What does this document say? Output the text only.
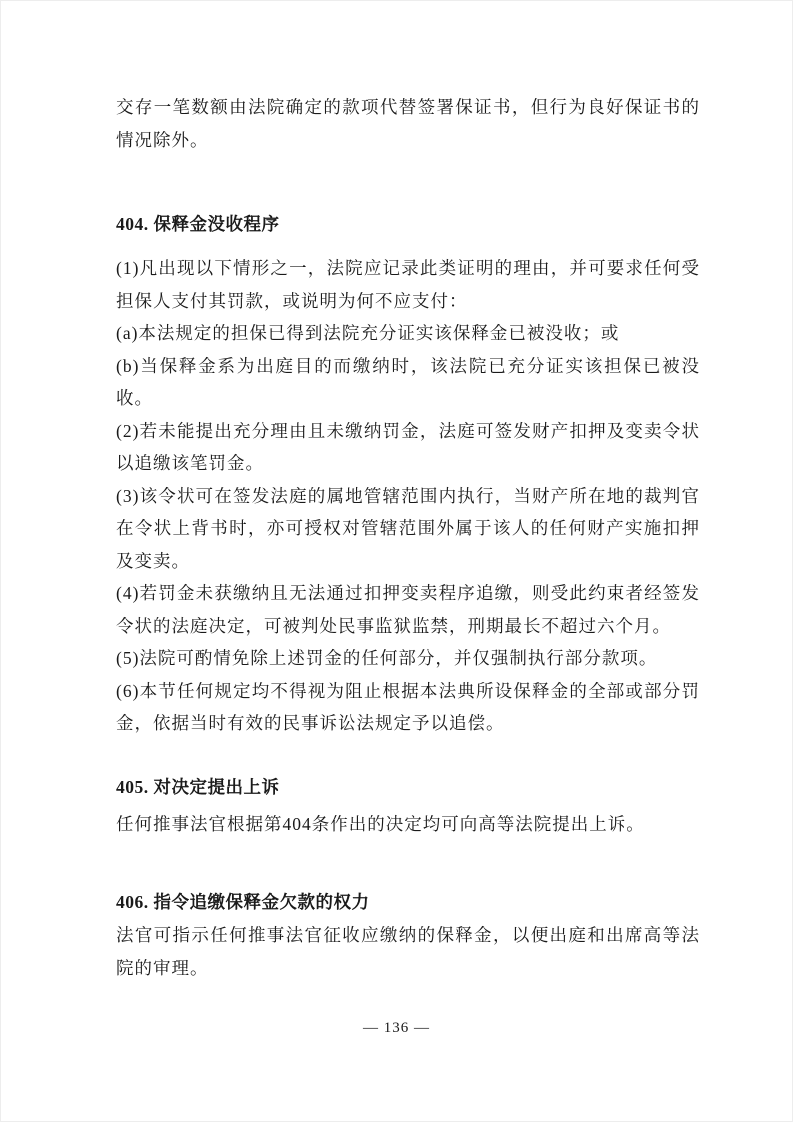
交存一笔数额由法院确定的款项代替签署保证书，但行为良好保证书的情况除外。

404. 保释金没收程序

(1)凡出现以下情形之一，法院应记录此类证明的理由，并可要求任何受担保人支付其罚款，或说明为何不应支付：

(a)本法规定的担保已得到法院充分证实该保释金已被没收；或

(b)当保释金系为出庭目的而缴纳时，该法院已充分证实该担保已被没收。

(2)若未能提出充分理由且未缴纳罚金，法庭可签发财产扣押及变卖令状以追缴该笔罚金。

(3)该令状可在签发法庭的属地管辖范围内执行，当财产所在地的裁判官在令状上背书时，亦可授权对管辖范围外属于该人的任何财产实施扣押及变卖。

(4)若罚金未获缴纳且无法通过扣押变卖程序追缴，则受此约束者经签发令状的法庭决定，可被判处民事监狱监禁，刑期最长不超过六个月。

(5)法院可酌情免除上述罚金的任何部分，并仅强制执行部分款项。

(6)本节任何规定均不得视为阻止根据本法典所设保释金的全部或部分罚金，依据当时有效的民事诉讼法规定予以追偿。

405. 对决定提出上诉

任何推事法官根据第404条作出的决定均可向高等法院提出上诉。

406. 指令追缴保释金欠款的权力

法官可指示任何推事法官征收应缴纳的保释金，以便出庭和出席高等法院的审理。

— 136 —
